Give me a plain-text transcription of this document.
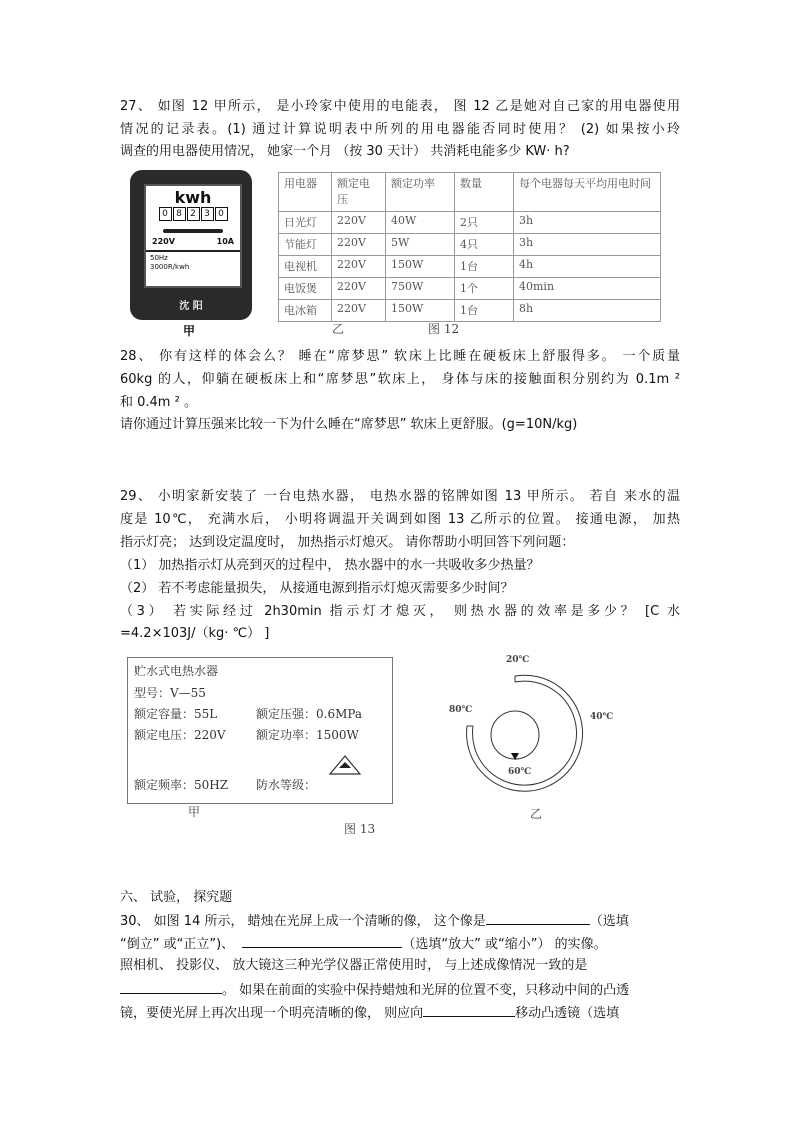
27、 如图 12 甲所示， 是小玲家中使用的电能表， 图 12 乙是她对自己家的用电器使用
情况的记录表。(1) 通过计算说明表中所列的用电器能否同时使用？ (2) 如果按小玲
调查的用电器使用情况， 她家一个月 （按 30 天计） 共消耗电能多少 KW· h?
kwh
0 8 2 3 0
220V	10A
50Hz
3000R/kwh
沈 阳
甲
用电器	额定电压	额定功率	数量	每个电器每天平均用电时间
日光灯	220V	40W	2只	3h
节能灯	220V	5W	4只	3h
电视机	220V	150W	1台	4h
电饭煲	220V	750W	1个	40min
电冰箱	220V	150W	1台	8h
乙	图 12
28、 你有这样的体会么？ 睡在“席梦思” 软床上比睡在硬板床上舒服得多。 一个质量
60kg 的人，仰躺在硬板床上和“席梦思”软床上， 身体与床的接触面积分别约为 0.1m ²
和 0.4m ² 。
请你通过计算压强来比较一下为什么睡在“席梦思” 软床上更舒服。(g=10N/kg)
29、 小明家新安装了 一台电热水器， 电热水器的铭牌如图 13 甲所示。 若自 来水的温
度是 10℃， 充满水后， 小明将调温开关调到如图 13 乙所示的位置。 接通电源， 加热
指示灯亮； 达到设定温度时， 加热指示灯熄灭。 请你帮助小明回答下列问题：
（1） 加热指示灯从亮到灭的过程中， 热水器中的水一共吸收多少热量？
（2） 若不考虑能量损失， 从接通电源到指示灯熄灭需要多少时间？
（3） 若实际经过 2h30min 指示灯才熄灭， 则热水器的效率是多少？ [C 水
=4.2×103J/（kg· ℃） ]
贮水式电热水器
型号：V—55
额定容量：55L	额定压强：0.6MPa
额定电压：220V	额定功率：1500W
额定频率：50HZ 防水等级：
甲
20℃
40℃
60℃
80℃
乙
图 13
六、 试验， 探究题
30、 如图 14 所示， 蜡烛在光屏上成一个清晰的像， 这个像是	（选填
“倒立” 或“正立”)、	（选填“放大” 或“缩小”） 的实像。
照相机、 投影仪、 放大镜这三种光学仪器正常使用时， 与上述成像情况一致的是
。 如果在前面的实验中保持蜡烛和光屏的位置不变，只移动中间的凸透
镜，要使光屏上再次出现一个明亮清晰的像， 则应向	移动凸透镜（选填
